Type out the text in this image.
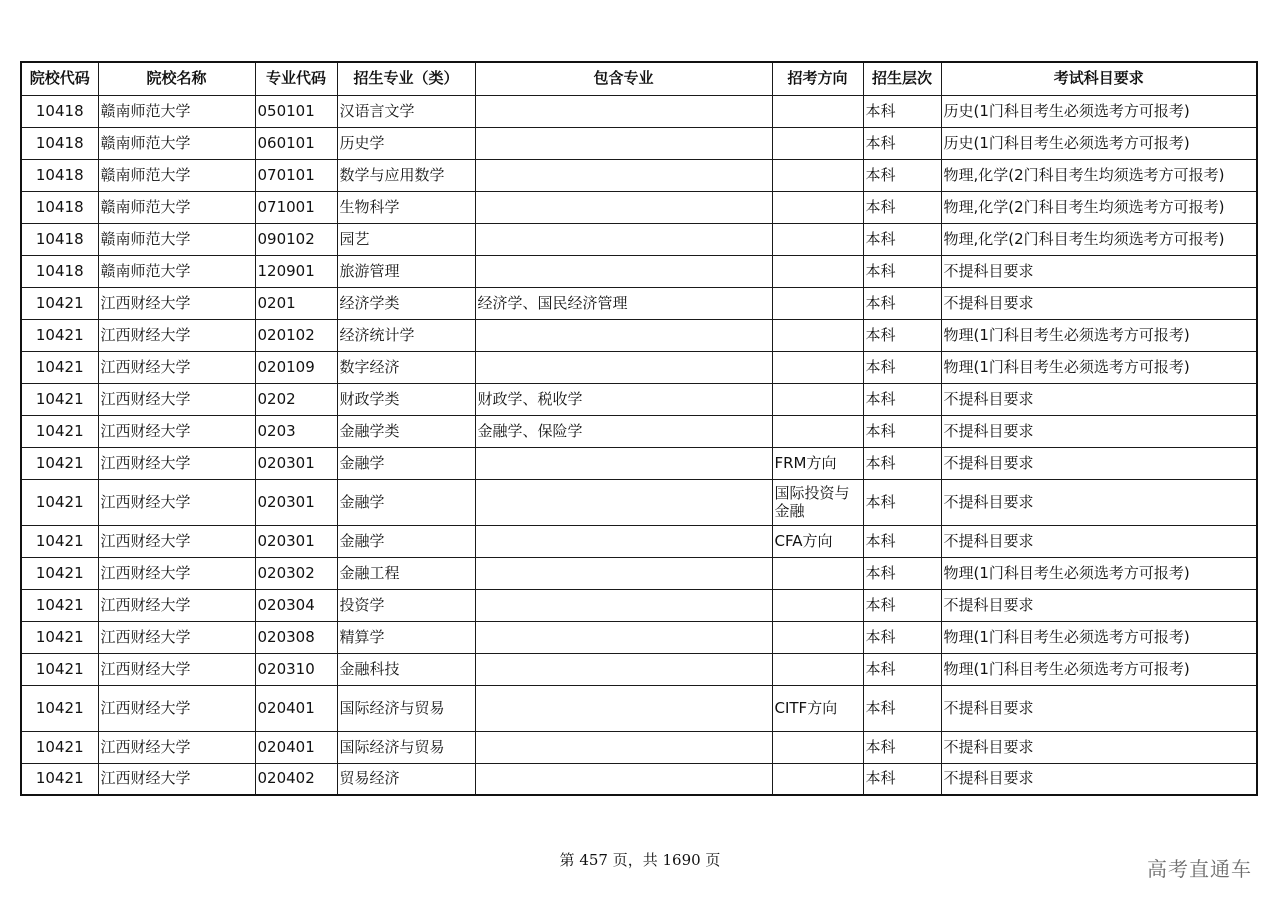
院校代码	院校名称	专业代码	招生专业（类）	包含专业	招考方向	招生层次	考试科目要求
10418	赣南师范大学	050101	汉语言文学			本科	历史(1门科目考生必须选考方可报考)
10418	赣南师范大学	060101	历史学			本科	历史(1门科目考生必须选考方可报考)
10418	赣南师范大学	070101	数学与应用数学			本科	物理,化学(2门科目考生均须选考方可报考)
10418	赣南师范大学	071001	生物科学			本科	物理,化学(2门科目考生均须选考方可报考)
10418	赣南师范大学	090102	园艺			本科	物理,化学(2门科目考生均须选考方可报考)
10418	赣南师范大学	120901	旅游管理			本科	不提科目要求
10421	江西财经大学	0201	经济学类	经济学、国民经济管理		本科	不提科目要求
10421	江西财经大学	020102	经济统计学			本科	物理(1门科目考生必须选考方可报考)
10421	江西财经大学	020109	数字经济			本科	物理(1门科目考生必须选考方可报考)
10421	江西财经大学	0202	财政学类	财政学、税收学		本科	不提科目要求
10421	江西财经大学	0203	金融学类	金融学、保险学		本科	不提科目要求
10421	江西财经大学	020301	金融学		FRM方向	本科	不提科目要求
10421	江西财经大学	020301	金融学		国际投资与金融	本科	不提科目要求
10421	江西财经大学	020301	金融学		CFA方向	本科	不提科目要求
10421	江西财经大学	020302	金融工程			本科	物理(1门科目考生必须选考方可报考)
10421	江西财经大学	020304	投资学			本科	不提科目要求
10421	江西财经大学	020308	精算学			本科	物理(1门科目考生必须选考方可报考)
10421	江西财经大学	020310	金融科技			本科	物理(1门科目考生必须选考方可报考)
10421	江西财经大学	020401	国际经济与贸易		CITF方向	本科	不提科目要求
10421	江西财经大学	020401	国际经济与贸易			本科	不提科目要求
10421	江西财经大学	020402	贸易经济			本科	不提科目要求
第 457 页，共 1690 页	高考直通车
